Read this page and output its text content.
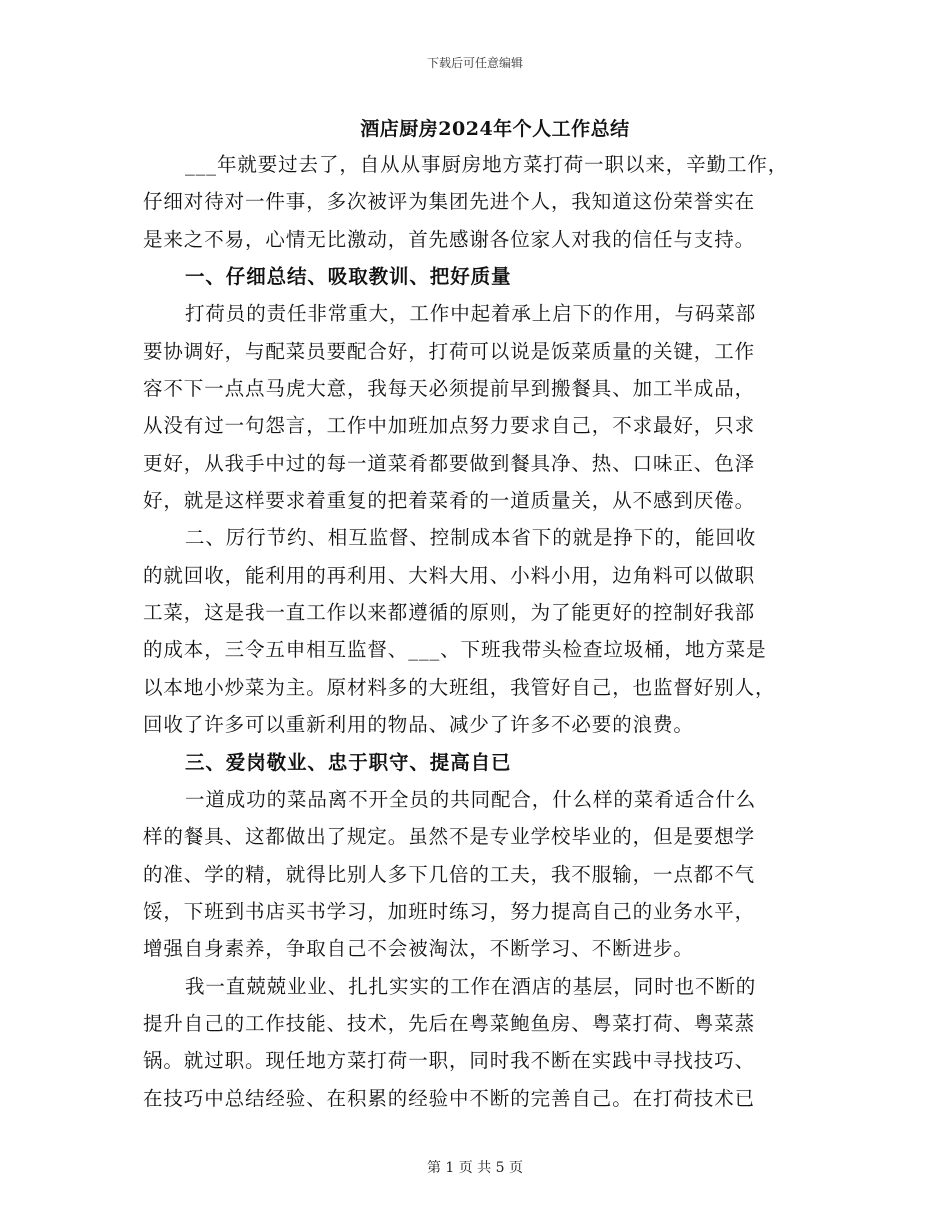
下载后可任意编辑
酒店厨房2024年个人工作总结
___年就要过去了，自从从事厨房地方菜打荷一职以来，辛勤工作，
仔细对待对一件事，多次被评为集团先进个人，我知道这份荣誉实在
是来之不易，心情无比激动，首先感谢各位家人对我的信任与支持。
一、仔细总结、吸取教训、把好质量
打荷员的责任非常重大，工作中起着承上启下的作用，与码菜部
要协调好，与配菜员要配合好，打荷可以说是饭菜质量的关键，工作
容不下一点点马虎大意，我每天必须提前早到搬餐具、加工半成品，
从没有过一句怨言，工作中加班加点努力要求自己，不求最好，只求
更好，从我手中过的每一道菜肴都要做到餐具净、热、口味正、色泽
好，就是这样要求着重复的把着菜肴的一道质量关，从不感到厌倦。
二、厉行节约、相互监督、控制成本省下的就是挣下的，能回收
的就回收，能利用的再利用、大料大用、小料小用，边角料可以做职
工菜，这是我一直工作以来都遵循的原则，为了能更好的控制好我部
的成本，三令五申相互监督、___、下班我带头检查垃圾桶，地方菜是
以本地小炒菜为主。原材料多的大班组，我管好自己，也监督好别人，
回收了许多可以重新利用的物品、减少了许多不必要的浪费。
三、爱岗敬业、忠于职守、提高自已
一道成功的菜品离不开全员的共同配合，什么样的菜肴适合什么
样的餐具、这都做出了规定。虽然不是专业学校毕业的，但是要想学
的准、学的精，就得比别人多下几倍的工夫，我不服输，一点都不气
馁，下班到书店买书学习，加班时练习，努力提高自己的业务水平，
增强自身素养，争取自己不会被淘汰，不断学习、不断进步。
我一直兢兢业业、扎扎实实的工作在酒店的基层，同时也不断的
提升自己的工作技能、技术，先后在粤菜鲍鱼房、粤菜打荷、粤菜蒸
锅。就过职。现任地方菜打荷一职，同时我不断在实践中寻找技巧、
在技巧中总结经验、在积累的经验中不断的完善自己。在打荷技术已
第 1 页 共 5 页
